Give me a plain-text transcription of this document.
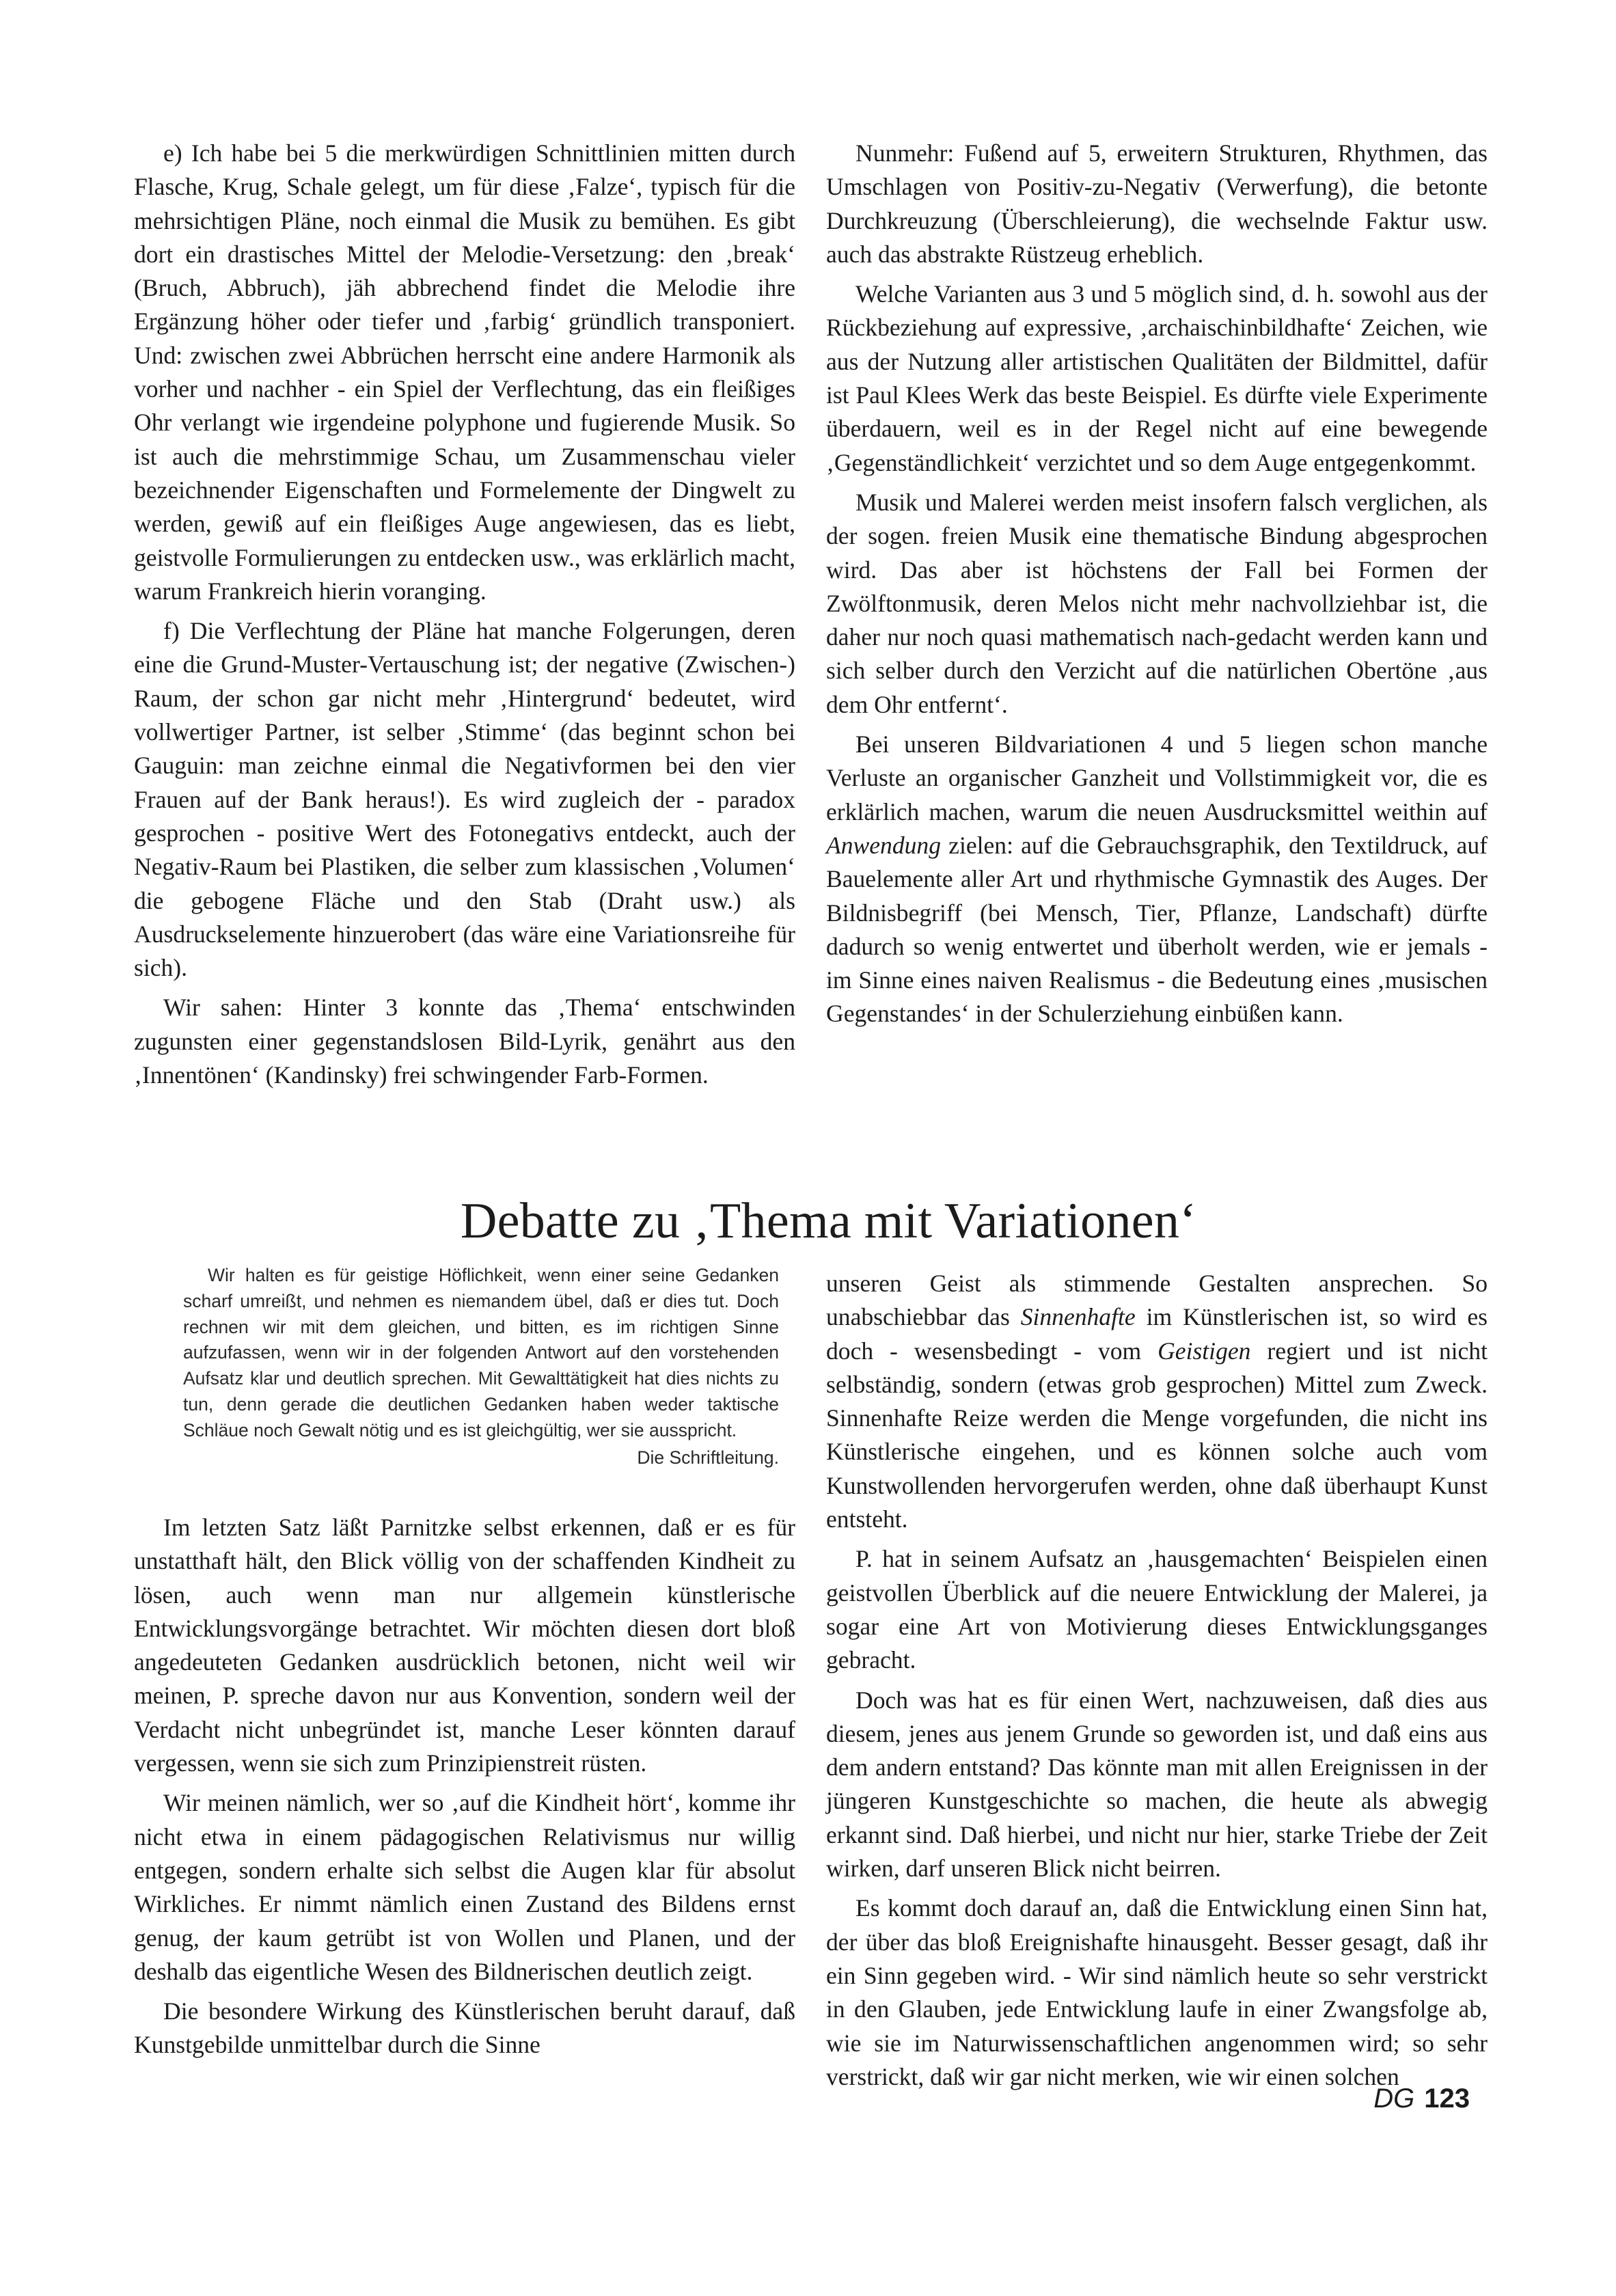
e) Ich habe bei 5 die merkwürdigen Schnittlinien mitten durch Flasche, Krug, Schale gelegt, um für diese ‚Falze‘, typisch für die mehrsichtigen Pläne, noch einmal die Musik zu bemühen. Es gibt dort ein drastisches Mittel der Melodie-Versetzung: den ‚break‘ (Bruch, Abbruch), jäh abbrechend findet die Melodie ihre Ergänzung höher oder tiefer und ‚farbig‘ gründlich transponiert. Und: zwischen zwei Abbrüchen herrscht eine andere Harmonik als vorher und nachher - ein Spiel der Verflechtung, das ein fleißiges Ohr verlangt wie irgendeine polyphone und fugierende Musik. So ist auch die mehrstimmige Schau, um Zusammenschau vieler bezeichnender Eigenschaften und Formelemente der Dingwelt zu werden, gewiß auf ein fleißiges Auge angewiesen, das es liebt, geistvolle Formulierungen zu entdecken usw., was erklärlich macht, warum Frankreich hierin voranging.

f) Die Verflechtung der Pläne hat manche Folgerungen, deren eine die Grund-Muster-Vertauschung ist; der negative (Zwischen-) Raum, der schon gar nicht mehr ‚Hintergrund‘ bedeutet, wird vollwertiger Partner, ist selber ‚Stimme‘ (das beginnt schon bei Gauguin: man zeichne einmal die Negativformen bei den vier Frauen auf der Bank heraus!). Es wird zugleich der - paradox gesprochen - positive Wert des Fotonegativs entdeckt, auch der Negativ-Raum bei Plastiken, die selber zum klassischen ‚Volumen‘ die gebogene Fläche und den Stab (Draht usw.) als Ausdruckselemente hinzuerobert (das wäre eine Variationsreihe für sich).

Wir sahen: Hinter 3 konnte das ‚Thema‘ entschwinden zugunsten einer gegenstandslosen Bild-Lyrik, genährt aus den ‚Innentönen‘ (Kandinsky) frei schwingender Farb-Formen.

Nunmehr: Fußend auf 5, erweitern Strukturen, Rhythmen, das Umschlagen von Positiv-zu-Negativ (Verwerfung), die betonte Durchkreuzung (Überschleierung), die wechselnde Faktur usw. auch das abstrakte Rüstzeug erheblich.

Welche Varianten aus 3 und 5 möglich sind, d. h. sowohl aus der Rückbeziehung auf expressive, ‚archaischinbildhafte‘ Zeichen, wie aus der Nutzung aller artistischen Qualitäten der Bildmittel, dafür ist Paul Klees Werk das beste Beispiel. Es dürfte viele Experimente überdauern, weil es in der Regel nicht auf eine bewegende ‚Gegenständlichkeit‘ verzichtet und so dem Auge entgegenkommt.

Musik und Malerei werden meist insofern falsch verglichen, als der sogen. freien Musik eine thematische Bindung abgesprochen wird. Das aber ist höchstens der Fall bei Formen der Zwölftonmusik, deren Melos nicht mehr nachvollziehbar ist, die daher nur noch quasi mathematisch nach-gedacht werden kann und sich selber durch den Verzicht auf die natürlichen Obertöne ‚aus dem Ohr entfernt‘.

Bei unseren Bildvariationen 4 und 5 liegen schon manche Verluste an organischer Ganzheit und Vollstimmigkeit vor, die es erklärlich machen, warum die neuen Ausdrucksmittel weithin auf Anwendung zielen: auf die Gebrauchsgraphik, den Textildruck, auf Bauelemente aller Art und rhythmische Gymnastik des Auges. Der Bildnisbegriff (bei Mensch, Tier, Pflanze, Landschaft) dürfte dadurch so wenig entwertet und überholt werden, wie er jemals - im Sinne eines naiven Realismus - die Bedeutung eines ‚musischen Gegenstandes‘ in der Schulerziehung einbüßen kann.

Debatte zu ‚Thema mit Variationen‘

Wir halten es für geistige Höflichkeit, wenn einer seine Gedanken scharf umreißt, und nehmen es niemandem übel, daß er dies tut. Doch rechnen wir mit dem gleichen, und bitten, es im richtigen Sinne aufzufassen, wenn wir in der folgenden Antwort auf den vorstehenden Aufsatz klar und deutlich sprechen. Mit Gewalttätigkeit hat dies nichts zu tun, denn gerade die deutlichen Gedanken haben weder taktische Schläue noch Gewalt nötig und es ist gleichgültig, wer sie ausspricht.

Die Schriftleitung.

Im letzten Satz läßt Parnitzke selbst erkennen, daß er es für unstatthaft hält, den Blick völlig von der schaffenden Kindheit zu lösen, auch wenn man nur allgemein künstlerische Entwicklungsvorgänge betrachtet. Wir möchten diesen dort bloß angedeuteten Gedanken ausdrücklich betonen, nicht weil wir meinen, P. spreche davon nur aus Konvention, sondern weil der Verdacht nicht unbegründet ist, manche Leser könnten darauf vergessen, wenn sie sich zum Prinzipienstreit rüsten.

Wir meinen nämlich, wer so ‚auf die Kindheit hört‘, komme ihr nicht etwa in einem pädagogischen Relativismus nur willig entgegen, sondern erhalte sich selbst die Augen klar für absolut Wirkliches. Er nimmt nämlich einen Zustand des Bildens ernst genug, der kaum getrübt ist von Wollen und Planen, und der deshalb das eigentliche Wesen des Bildnerischen deutlich zeigt.

Die besondere Wirkung des Künstlerischen beruht darauf, daß Kunstgebilde unmittelbar durch die Sinne

unseren Geist als stimmende Gestalten ansprechen. So unabschiebbar das Sinnenhafte im Künstlerischen ist, so wird es doch - wesensbedingt - vom Geistigen regiert und ist nicht selbständig, sondern (etwas grob gesprochen) Mittel zum Zweck. Sinnenhafte Reize werden die Menge vorgefunden, die nicht ins Künstlerische eingehen, und es können solche auch vom Kunstwollenden hervorgerufen werden, ohne daß überhaupt Kunst entsteht.

P. hat in seinem Aufsatz an ‚hausgemachten‘ Beispielen einen geistvollen Überblick auf die neuere Entwicklung der Malerei, ja sogar eine Art von Motivierung dieses Entwicklungsganges gebracht.

Doch was hat es für einen Wert, nachzuweisen, daß dies aus diesem, jenes aus jenem Grunde so geworden ist, und daß eins aus dem andern entstand? Das könnte man mit allen Ereignissen in der jüngeren Kunstgeschichte so machen, die heute als abwegig erkannt sind. Daß hierbei, und nicht nur hier, starke Triebe der Zeit wirken, darf unseren Blick nicht beirren.

Es kommt doch darauf an, daß die Entwicklung einen Sinn hat, der über das bloß Ereignishafte hinausgeht. Besser gesagt, daß ihr ein Sinn gegeben wird. - Wir sind nämlich heute so sehr verstrickt in den Glauben, jede Entwicklung laufe in einer Zwangsfolge ab, wie sie im Naturwissenschaftlichen angenommen wird; so sehr verstrickt, daß wir gar nicht merken, wie wir einen solchen

DG 123
